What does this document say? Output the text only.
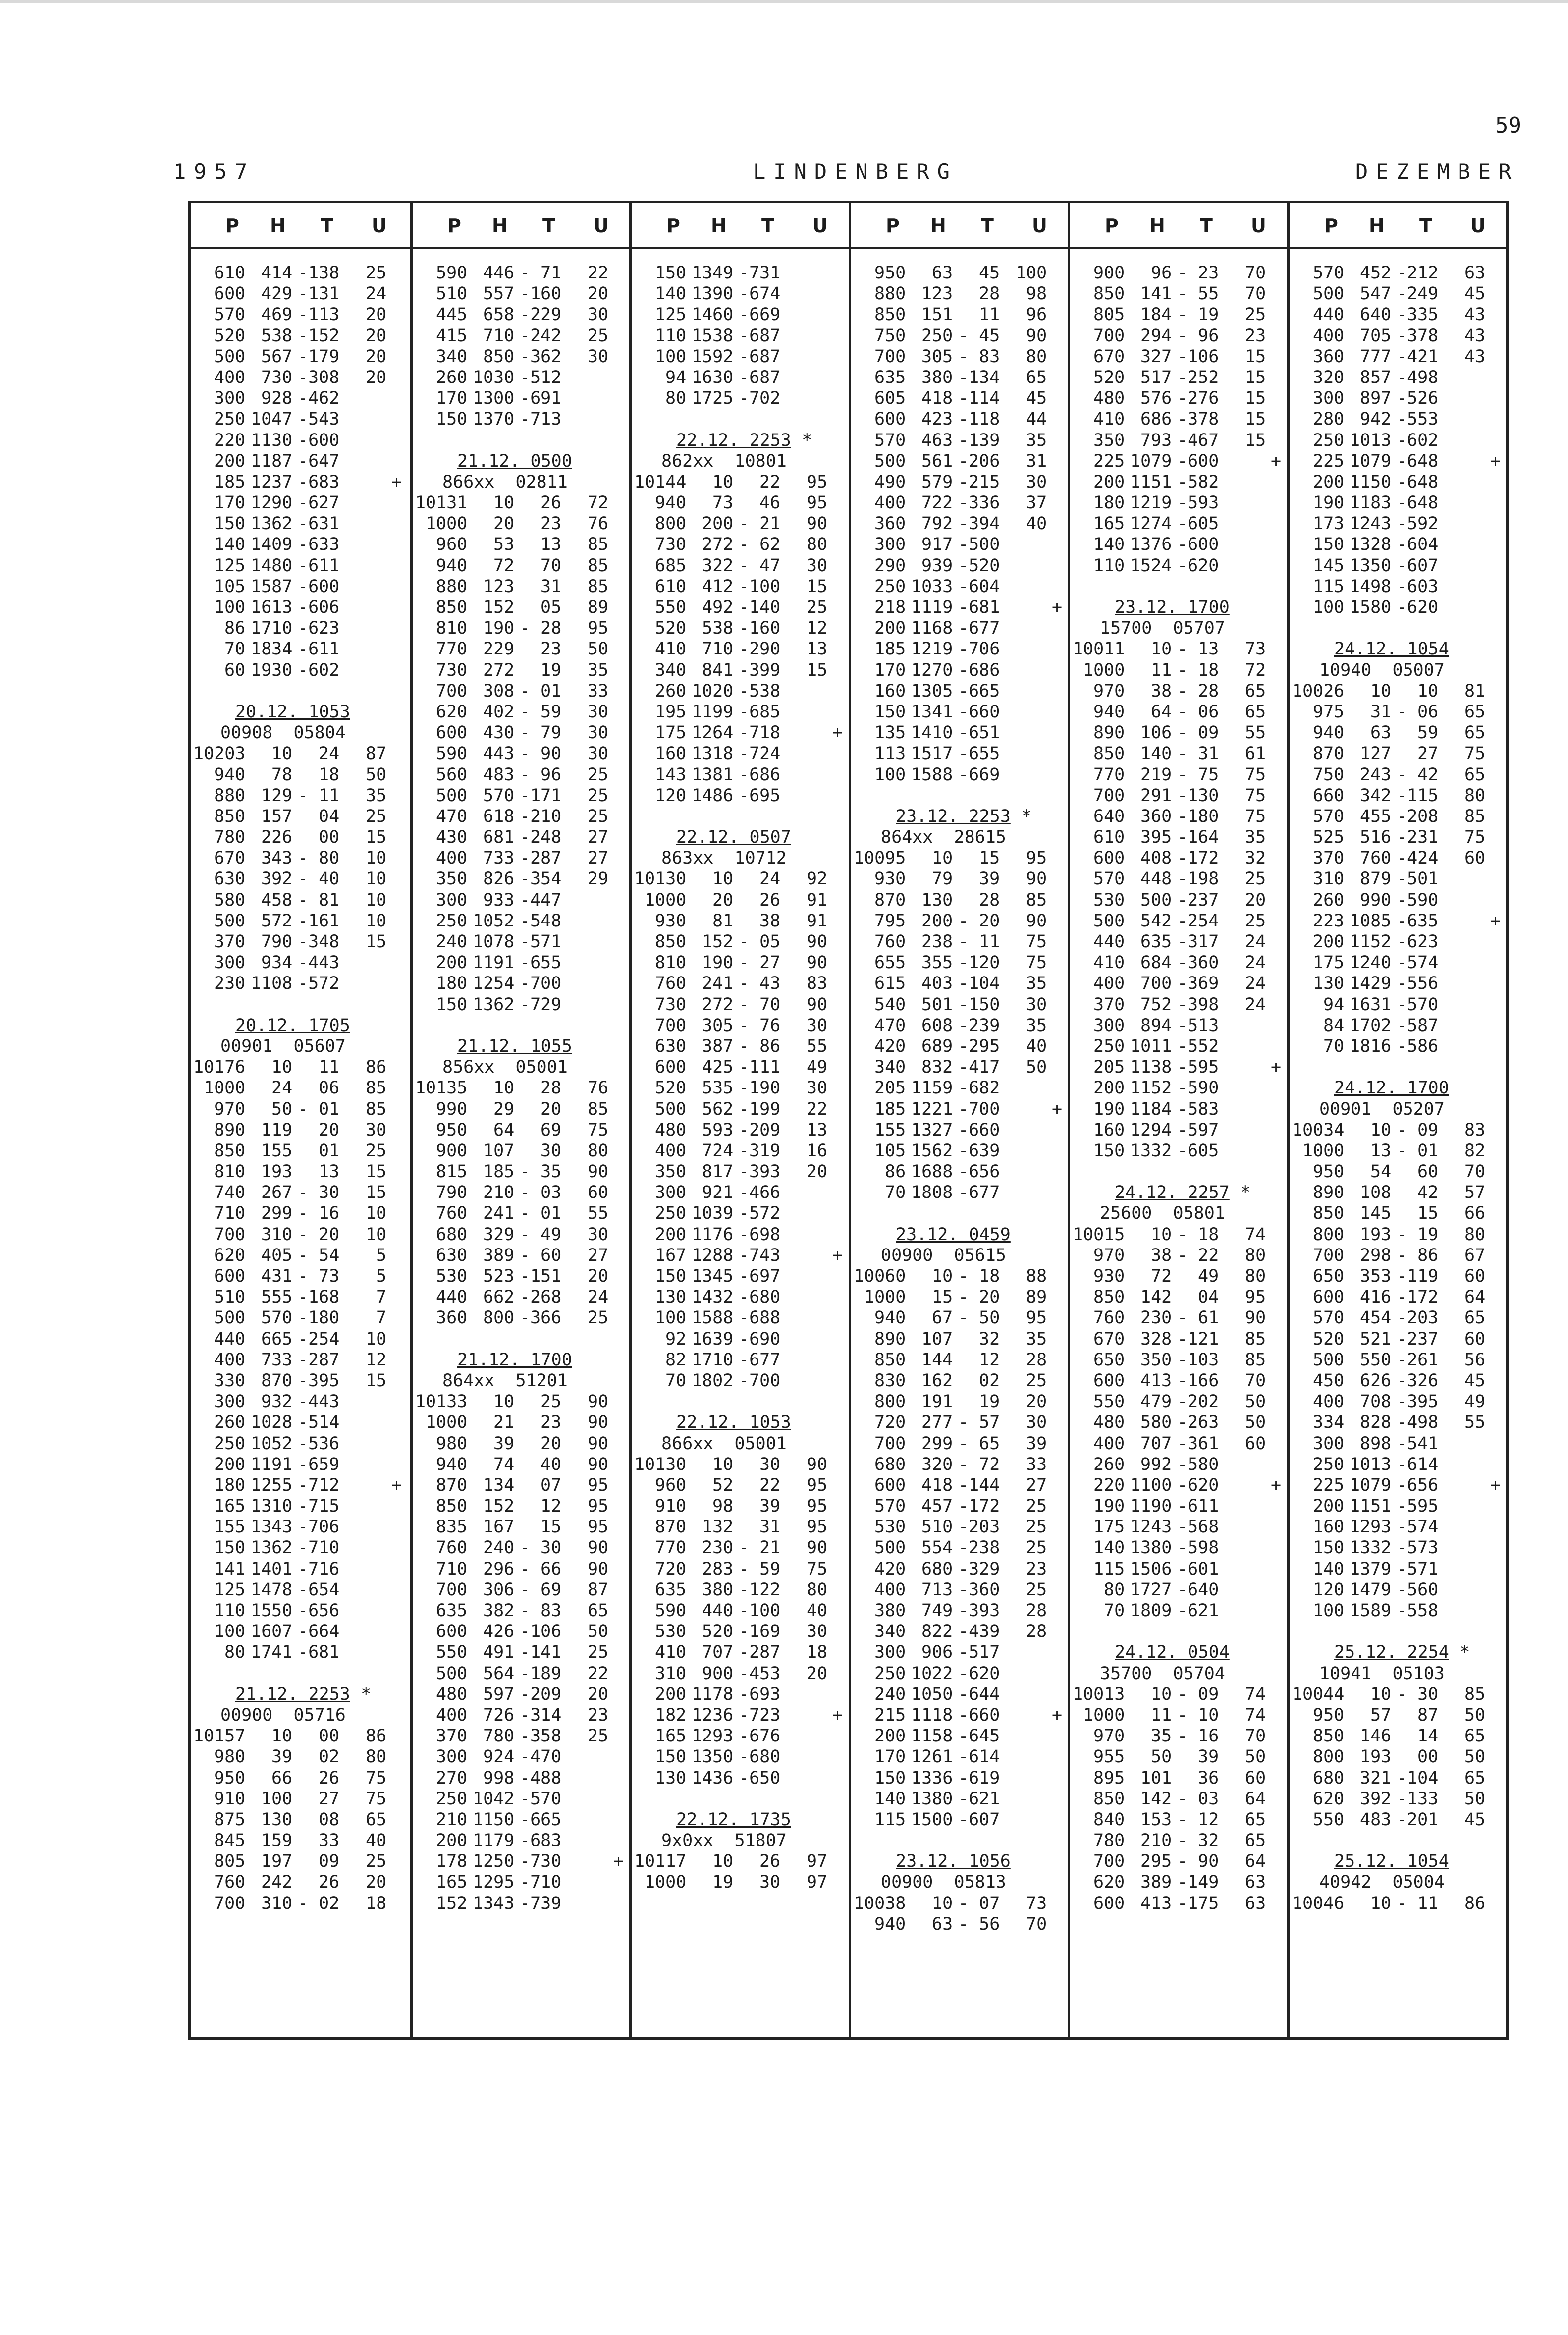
59
1957	LINDENBERG	DEZEMBER
P H T U
610 414 -138 25
600 429 -131 24
570 469 -113 20
520 538 -152 20
500 567 -179 20
400 730 -308 20
300 928 -462
250 1047 -543
220 1130 -600
200 1187 -647
185 1237 -683	+
170 1290 -627
150 1362 -631
140 1409 -633
125 1480 -611
105 1587 -600
100 1613 -606
86 1710 -623
70 1834 -611
60 1930 -602
20.12. 1053
00908  05804
10203 10 24 87
940 78 18 50
880 129 - 11 35
850 157 04 25
780 226 00 15
670 343 - 80 10
630 392 - 40 10
580 458 - 81 10
500 572 -161 10
370 790 -348 15
300 934 -443
230 1108 -572
20.12. 1705
00901  05607
10176 10 11 86
1000 24 06 85
970 50 - 01 85
890 119 20 30
850 155 01 25
810 193 13 15
740 267 - 30 15
710 299 - 16 10
700 310 - 20 10
620 405 - 54 5
600 431 - 73 5
510 555 -168 7
500 570 -180 7
440 665 -254 10
400 733 -287 12
330 870 -395 15
300 932 -443
260 1028 -514
250 1052 -536
200 1191 -659
180 1255 -712	+
165 1310 -715
155 1343 -706
150 1362 -710
141 1401 -716
125 1478 -654
110 1550 -656
100 1607 -664
80 1741 -681
21.12. 2253 *
00900  05716
10157 10 00 86
980 39 02 80
950 66 26 75
910 100 27 75
875 130 08 65
845 159 33 40
805 197 09 25
760 242 26 20
700 310 - 02 18
P H T U
590 446 - 71 22
510 557 -160 20
445 658 -229 30
415 710 -242 25
340 850 -362 30
260 1030 -512
170 1300 -691
150 1370 -713
21.12. 0500
866xx  02811
10131 10 26 72
1000 20 23 76
960 53 13 85
940 72 70 85
880 123 31 85
850 152 05 89
810 190 - 28 95
770 229 23 50
730 272 19 35
700 308 - 01 33
620 402 - 59 30
600 430 - 79 30
590 443 - 90 30
560 483 - 96 25
500 570 -171 25
470 618 -210 25
430 681 -248 27
400 733 -287 27
350 826 -354 29
300 933 -447
250 1052 -548
240 1078 -571
200 1191 -655
180 1254 -700
150 1362 -729
21.12. 1055
856xx  05001
10135 10 28 76
990 29 20 85
950 64 69 75
900 107 30 80
815 185 - 35 90
790 210 - 03 60
760 241 - 01 55
680 329 - 49 30
630 389 - 60 27
530 523 -151 20
440 662 -268 24
360 800 -366 25
21.12. 1700
864xx  51201
10133 10 25 90
1000 21 23 90
980 39 20 90
940 74 40 90
870 134 07 95
850 152 12 95
835 167 15 95
760 240 - 30 90
710 296 - 66 90
700 306 - 69 87
635 382 - 83 65
600 426 -106 50
550 491 -141 25
500 564 -189 22
480 597 -209 20
400 726 -314 23
370 780 -358 25
300 924 -470
270 998 -488
250 1042 -570
210 1150 -665
200 1179 -683
178 1250 -730	+
165 1295 -710
152 1343 -739
P H T U
150 1349 -731
140 1390 -674
125 1460 -669
110 1538 -687
100 1592 -687
94 1630 -687
80 1725 -702
22.12. 2253 *
862xx  10801
10144 10 22 95
940 73 46 95
800 200 - 21 90
730 272 - 62 80
685 322 - 47 30
610 412 -100 15
550 492 -140 25
520 538 -160 12
410 710 -290 13
340 841 -399 15
260 1020 -538
195 1199 -685
175 1264 -718	+
160 1318 -724
143 1381 -686
120 1486 -695
22.12. 0507
863xx  10712
10130 10 24 92
1000 20 26 91
930 81 38 91
850 152 - 05 90
810 190 - 27 90
760 241 - 43 83
730 272 - 70 90
700 305 - 76 30
630 387 - 86 55
600 425 -111 49
520 535 -190 30
500 562 -199 22
480 593 -209 13
400 724 -319 16
350 817 -393 20
300 921 -466
250 1039 -572
200 1176 -698
167 1288 -743	+
150 1345 -697
130 1432 -680
100 1588 -688
92 1639 -690
82 1710 -677
70 1802 -700
22.12. 1053
866xx  05001
10130 10 30 90
960 52 22 95
910 98 39 95
870 132 31 95
770 230 - 21 90
720 283 - 59 75
635 380 -122 80
590 440 -100 40
530 520 -169 30
410 707 -287 18
310 900 -453 20
200 1178 -693
182 1236 -723	+
165 1293 -676
150 1350 -680
130 1436 -650
22.12. 1735
9x0xx  51807
10117 10 26 97
1000 19 30 97
P H T U
950 63 45 100
880 123 28 98
850 151 11 96
750 250 - 45 90
700 305 - 83 80
635 380 -134 65
605 418 -114 45
600 423 -118 44
570 463 -139 35
500 561 -206 31
490 579 -215 30
400 722 -336 37
360 792 -394 40
300 917 -500
290 939 -520
250 1033 -604
218 1119 -681	+
200 1168 -677
185 1219 -706
170 1270 -686
160 1305 -665
150 1341 -660
135 1410 -651
113 1517 -655
100 1588 -669
23.12. 2253 *
864xx  28615
10095 10 15 95
930 79 39 90
870 130 28 85
795 200 - 20 90
760 238 - 11 75
655 355 -120 75
615 403 -104 35
540 501 -150 30
470 608 -239 35
420 689 -295 40
340 832 -417 50
205 1159 -682
185 1221 -700	+
155 1327 -660
105 1562 -639
86 1688 -656
70 1808 -677
23.12. 0459
00900  05615
10060 10 - 18 88
1000 15 - 20 89
940 67 - 50 95
890 107 32 35
850 144 12 28
830 162 02 25
800 191 19 20
720 277 - 57 30
700 299 - 65 39
680 320 - 72 33
600 418 -144 27
570 457 -172 25
530 510 -203 25
500 554 -238 25
420 680 -329 23
400 713 -360 25
380 749 -393 28
340 822 -439 28
300 906 -517
250 1022 -620
240 1050 -644
215 1118 -660	+
200 1158 -645
170 1261 -614
150 1336 -619
140 1380 -621
115 1500 -607
23.12. 1056
00900  05813
10038 10 - 07 73
940 63 - 56 70
P H T U
900 96 - 23 70
850 141 - 55 70
805 184 - 19 25
700 294 - 96 23
670 327 -106 15
520 517 -252 15
480 576 -276 15
410 686 -378 15
350 793 -467 15
225 1079 -600	+
200 1151 -582
180 1219 -593
165 1274 -605
140 1376 -600
110 1524 -620
23.12. 1700
15700  05707
10011 10 - 13 73
1000 11 - 18 72
970 38 - 28 65
940 64 - 06 65
890 106 - 09 55
850 140 - 31 61
770 219 - 75 75
700 291 -130 75
640 360 -180 75
610 395 -164 35
600 408 -172 32
570 448 -198 25
530 500 -237 20
500 542 -254 25
440 635 -317 24
410 684 -360 24
400 700 -369 24
370 752 -398 24
300 894 -513
250 1011 -552
205 1138 -595	+
200 1152 -590
190 1184 -583
160 1294 -597
150 1332 -605
24.12. 2257 *
25600  05801
10015 10 - 18 74
970 38 - 22 80
930 72 49 80
850 142 04 95
760 230 - 61 90
670 328 -121 85
650 350 -103 85
600 413 -166 70
550 479 -202 50
480 580 -263 50
400 707 -361 60
260 992 -580
220 1100 -620	+
190 1190 -611
175 1243 -568
140 1380 -598
115 1506 -601
80 1727 -640
70 1809 -621
24.12. 0504
35700  05704
10013 10 - 09 74
1000 11 - 10 74
970 35 - 16 70
955 50 39 50
895 101 36 60
850 142 - 03 64
840 153 - 12 65
780 210 - 32 65
700 295 - 90 64
620 389 -149 63
600 413 -175 63
P H T U
570 452 -212 63
500 547 -249 45
440 640 -335 43
400 705 -378 43
360 777 -421 43
320 857 -498
300 897 -526
280 942 -553
250 1013 -602
225 1079 -648	+
200 1150 -648
190 1183 -648
173 1243 -592
150 1328 -604
145 1350 -607
115 1498 -603
100 1580 -620
24.12. 1054
10940  05007
10026 10 10 81
975 31 - 06 65
940 63 59 65
870 127 27 75
750 243 - 42 65
660 342 -115 80
570 455 -208 85
525 516 -231 75
370 760 -424 60
310 879 -501
260 990 -590
223 1085 -635	+
200 1152 -623
175 1240 -574
130 1429 -556
94 1631 -570
84 1702 -587
70 1816 -586
24.12. 1700
00901  05207
10034 10 - 09 83
1000 13 - 01 82
950 54 60 70
890 108 42 57
850 145 15 66
800 193 - 19 80
700 298 - 86 67
650 353 -119 60
600 416 -172 64
570 454 -203 65
520 521 -237 60
500 550 -261 56
450 626 -326 45
400 708 -395 49
334 828 -498 55
300 898 -541
250 1013 -614
225 1079 -656	+
200 1151 -595
160 1293 -574
150 1332 -573
140 1379 -571
120 1479 -560
100 1589 -558
25.12. 2254 *
10941  05103
10044 10 - 30 85
950 57 87 50
850 146 14 65
800 193 00 50
680 321 -104 65
620 392 -133 50
550 483 -201 45
25.12. 1054
40942  05004
10046 10 - 11 86
